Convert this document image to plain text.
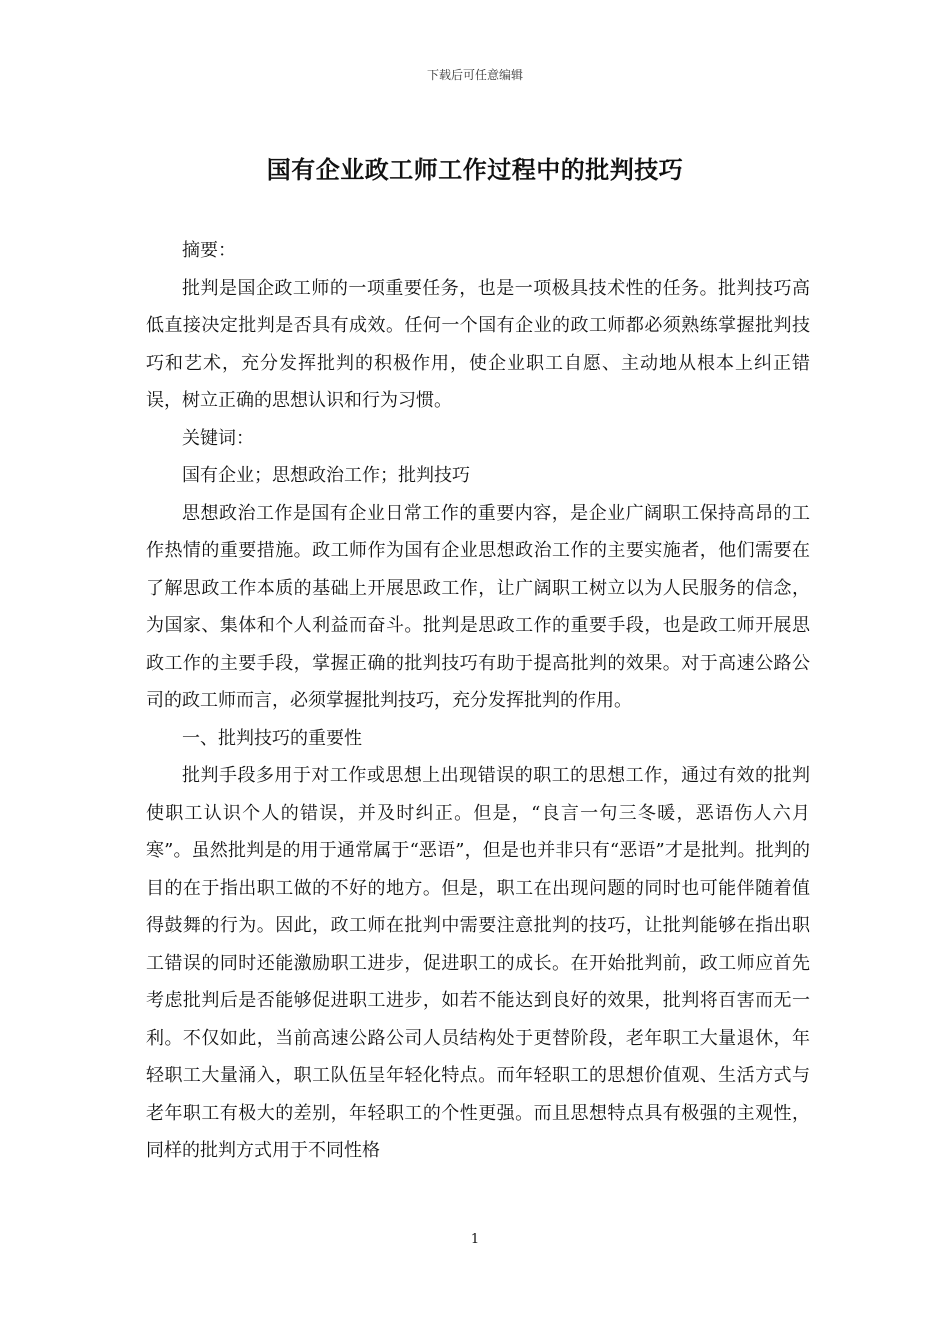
下载后可任意编辑
国有企业政工师工作过程中的批判技巧

摘要：

批判是国企政工师的一项重要任务，也是一项极具技术性的任务。批判技巧高低直接决定批判是否具有成效。任何一个国有企业的政工师都必须熟练掌握批判技巧和艺术，充分发挥批判的积极作用，使企业职工自愿、主动地从根本上纠正错误，树立正确的思想认识和行为习惯。

关键词：

国有企业；思想政治工作；批判技巧

思想政治工作是国有企业日常工作的重要内容，是企业广阔职工保持高昂的工作热情的重要措施。政工师作为国有企业思想政治工作的主要实施者，他们需要在了解思政工作本质的基础上开展思政工作，让广阔职工树立以为人民服务的信念，为国家、集体和个人利益而奋斗。批判是思政工作的重要手段，也是政工师开展思政工作的主要手段，掌握正确的批判技巧有助于提高批判的效果。对于高速公路公司的政工师而言，必须掌握批判技巧，充分发挥批判的作用。

一、批判技巧的重要性

批判手段多用于对工作或思想上出现错误的职工的思想工作，通过有效的批判使职工认识个人的错误，并及时纠正。但是，“良言一句三冬暖，恶语伤人六月寒”。虽然批判是的用于通常属于“恶语”，但是也并非只有“恶语”才是批判。批判的目的在于指出职工做的不好的地方。但是，职工在出现问题的同时也可能伴随着值得鼓舞的行为。因此，政工师在批判中需要注意批判的技巧，让批判能够在指出职工错误的同时还能激励职工进步，促进职工的成长。在开始批判前，政工师应首先考虑批判后是否能够促进职工进步，如若不能达到良好的效果，批判将百害而无一利。不仅如此，当前高速公路公司人员结构处于更替阶段，老年职工大量退休，年轻职工大量涌入，职工队伍呈年轻化特点。而年轻职工的思想价值观、生活方式与老年职工有极大的差别，年轻职工的个性更强。而且思想特点具有极强的主观性，同样的批判方式用于不同性格

1
